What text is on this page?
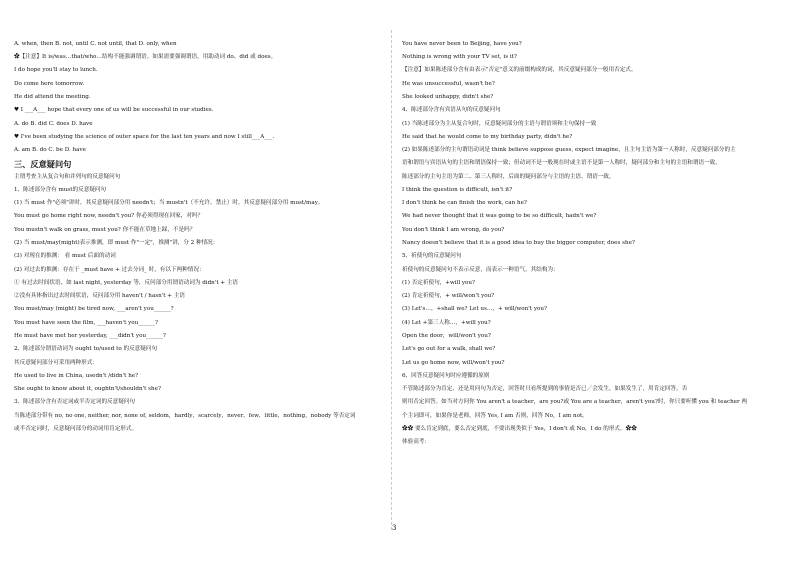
A. when, then B. not, until C. not until, that D. only, when
✿【注意】It is/was…that/who…结构不能强调谓语。如果需要强调谓语，用助动词 do、did 或 does。
I do hope you'll stay to lunch.
Do come here tomorrow.
He did attend the meeting.
♥ I ___A___ hope that every one of us will be successful in our studies.
A. do B. did C. does D. have
♥ I've been studying the science of outer space for the last ten years and now I still___A___.
A. am B. do C. be D. have
三、反意疑问句
主谓考查主从复合句和并列句的反意疑问句
1、陈述部分含有 must的反意疑问句
(1) 当 must 作"必须"讲时，其反意疑问部分用 needn't；当 mustn't（不允许、禁止）时，其反意疑问部分用 must/may。
You must go home right now, needn't you? 你必须得现在回家，对吗？
You mustn't walk on grass, must you? 你不能在草地上踩，不是吗？
(2) 当 must/may(might)表示推测，即 must 作"一定"，推测"讲，分 2 种情况：
(3) 对现在的推测： 看 must 后面的动词
(2) 对过去的推测：存在于 _must have + 过去分词_ 时，有以下两种情况：
① 有过去时间状语，如 last night, yesterday 等，反问部分用谓语动词为 didn't + 主语
②没有具体指出过去时间状语，反问部分用 haven't / hasn't + 主语
You must/may (might) be tired now, ___aren't you______?
You must have seen the film, ___haven't you______?
He must have met her yesterday, ___didn't you______?
2、陈述部分谓语动词为 ought to/used to 的反意疑问句
其反意疑问部分可采用两种形式：
He used to live in China, usedn't /didn't he?
She ought to know about it, oughtn't/shouldn't she?
3、陈述部分含有否定词或半否定词的反意疑问句
当陈述部分带有 no, no one, neither, nor, none of, seldom，hardly，scarcely，never，few，little，nothing，nobody 等否定词
或半否定词时，反意疑问部分的动词用肯定形式。
You have never been to Beijing, have you?
Nothing is wrong with your TV set, is it?
【注意】如果陈述部分含有由表示"否定"意义的前缀构成的词，其反意疑问部分一般用否定式。
He was unsuccessful, wasn't he?
She looked unhappy, didn't she?
4、陈述部分含有宾语从句的反意疑问句
(1) 当陈述部分为主从复合句时，反意疑问部分的主语与谓语须和主句保持一致
He said that he would come to my birthday party, didn't he?
(2) 如果陈述部分的主句谓语动词是 think believe suppose guess, expect imagine，且主句主语为第一人称时，反意疑问部分的主
语和谓语与宾语从句的主语和谓语保持一致；但动词不是一般现在时或主语不是第一人称时，疑问部分和主句的主语和谓语一致。
陈述部分的主句主语为第二、第三人称时，后面的疑问部分与主语的主语、谓语一致。
I think the question is difficult, isn't it?
I don't think he can finish the work, can he?
We had never thought that it was going to be so difficult, hadn't we?
You don't think I am wrong, do you?
Nancy doesn't believe that it is a good idea to buy the bigger computer, does she?
5、祈使句的反意疑问句
祈使句的反意疑问句不表示反意，而表示一种语气，其结构为：
(1) 否定祈使句，+will you?
(2) 肯定祈使句，+ will/won't you?
(3) Let's…，+shall we? Let us…，+ will/won't you?
(4) Let +第三人称…，+will you?
Open the door，will/won't you?
Let's go out for a walk, shall we?
Let us go home now, will/won't you?
6、回答反意疑问句时应遵循的原则
不管陈述部分为肯定，还是用问句为否定，回答时只看所提到的事情是否已／会发生，如果发生了，用肯定回答，否
则用否定回答。如当对方问你 You aren't a teacher，are you?或 You are a teacher，aren't you?时，你只要听懂 you 和 teacher 两
个主词即可，如果你是老师，回答 Yes, I am 否则，回答 No，I am not。
✿✿ 要么肯定到底，要么否定到底，不要出现类似于 Yes，I don't 或 No，I do 的形式。✿✿
体验高考：
3
